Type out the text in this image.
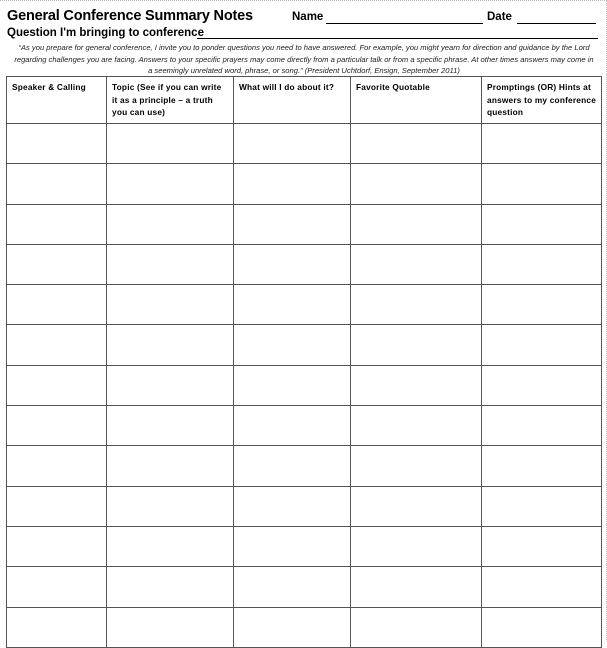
General Conference Summary Notes	Name	Date
Question I'm bringing to conference
“As you prepare for general conference, I invite you to ponder questions you need to have answered. For example, you might yearn for direction and guidance by the Lord regarding challenges you are facing. Answers to your specific prayers may come directly from a particular talk or from a specific phrase. At other times answers may come in a seemingly unrelated word, phrase, or song.” (President Uchtdorf, Ensign, September 2011)
Speaker & Calling	Topic (See if you can write it as a principle – a truth you can use)	What will I do about it?	Favorite Quotable	Promptings (OR) Hints at answers to my conference question
